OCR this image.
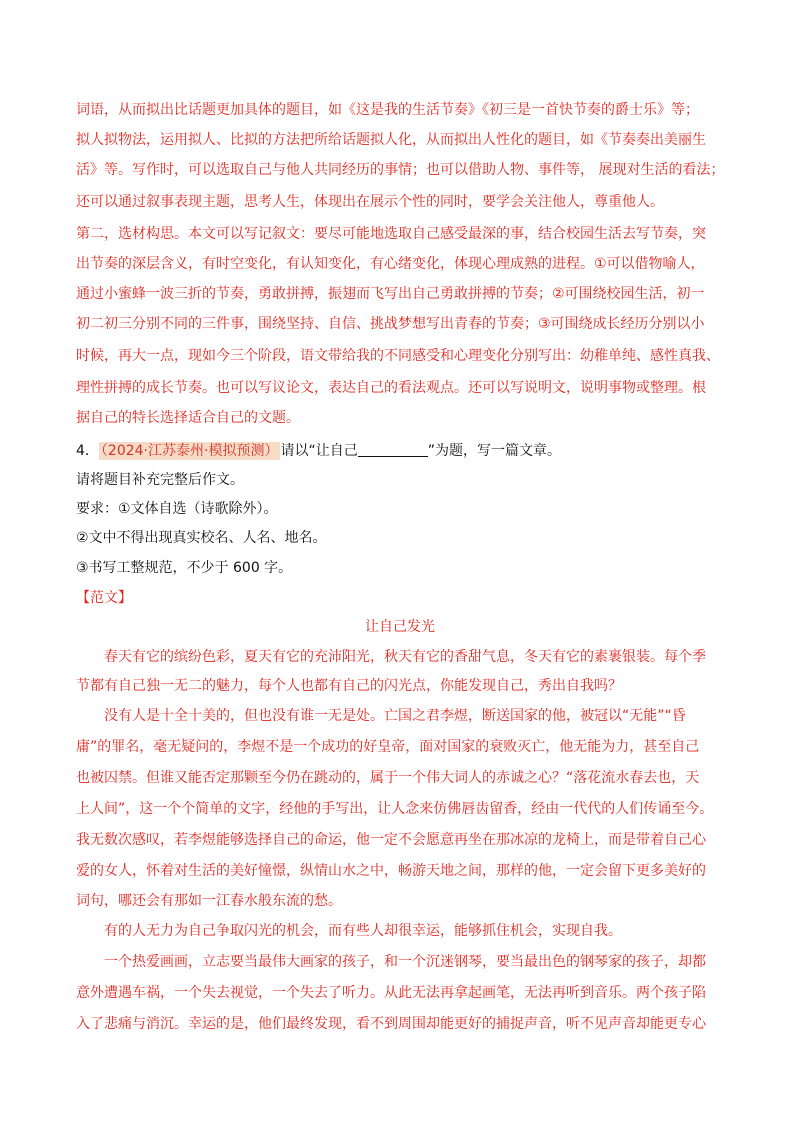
词语，从而拟出比话题更加具体的题目，如《这是我的生活节奏》《初三是一首快节奏的爵士乐》等；
拟人拟物法，运用拟人、比拟的方法把所给话题拟人化，从而拟出人性化的题目，如《节奏奏出美丽生
活》等。写作时，可以选取自己与他人共同经历的事情；也可以借助人物、事件等， 展现对生活的看法；
还可以通过叙事表现主题，思考人生，体现出在展示个性的同时，要学会关注他人，尊重他人。
第二，选材构思。本文可以写记叙文：要尽可能地选取自己感受最深的事，结合校园生活去写节奏，突
出节奏的深层含义，有时空变化，有认知变化，有心绪变化，体现心理成熟的进程。①可以借物喻人，
通过小蜜蜂一波三折的节奏，勇敢拼搏，振翅而飞写出自己勇敢拼搏的节奏；②可围绕校园生活，初一
初二初三分别不同的三件事，围绕坚持、自信、挑战梦想写出青春的节奏；③可围绕成长经历分别以小
时候，再大一点，现如今三个阶段，语文带给我的不同感受和心理变化分别写出：幼稚单纯、感性真我、
理性拼搏的成长节奏。也可以写议论文，表达自己的看法观点。还可以写说明文，说明事物或整理。根
据自己的特长选择适合自己的文题。
4． （2024·江苏泰州·模拟预测） 请以“让自己	”为题，写一篇文章。
请将题目补充完整后作文。
要求：①文体自选（诗歌除外）。
②文中不得出现真实校名、人名、地名。
③书写工整规范，不少于 600 字。
【范文】
让自己发光
春天有它的缤纷色彩，夏天有它的充沛阳光，秋天有它的香甜气息，冬天有它的素裹银装。每个季
节都有自己独一无二的魅力，每个人也都有自己的闪光点，你能发现自己，秀出自我吗？
没有人是十全十美的，但也没有谁一无是处。亡国之君李煜，断送国家的他，被冠以“无能”“昏
庸”的罪名，毫无疑问的，李煜不是一个成功的好皇帝，面对国家的衰败灭亡，他无能为力，甚至自己
也被囚禁。但谁又能否定那颗至今仍在跳动的，属于一个伟大词人的赤诚之心？“落花流水春去也，天
上人间”，这一个个简单的文字，经他的手写出，让人念来仿佛唇齿留香，经由一代代的人们传诵至今。
我无数次感叹，若李煜能够选择自己的命运，他一定不会愿意再坐在那冰凉的龙椅上，而是带着自己心
爱的女人，怀着对生活的美好憧憬，纵情山水之中，畅游天地之间，那样的他，一定会留下更多美好的
词句，哪还会有那如一江春水般东流的愁。
有的人无力为自己争取闪光的机会，而有些人却很幸运，能够抓住机会，实现自我。
一个热爱画画，立志要当最伟大画家的孩子，和一个沉迷钢琴，要当最出色的钢琴家的孩子，却都
意外遭遇车祸，一个失去视觉，一个失去了听力。从此无法再拿起画笔，无法再听到音乐。两个孩子陷
入了悲痛与消沉。幸运的是，他们最终发现，看不到周围却能更好的捕捉声音，听不见声音却能更专心
